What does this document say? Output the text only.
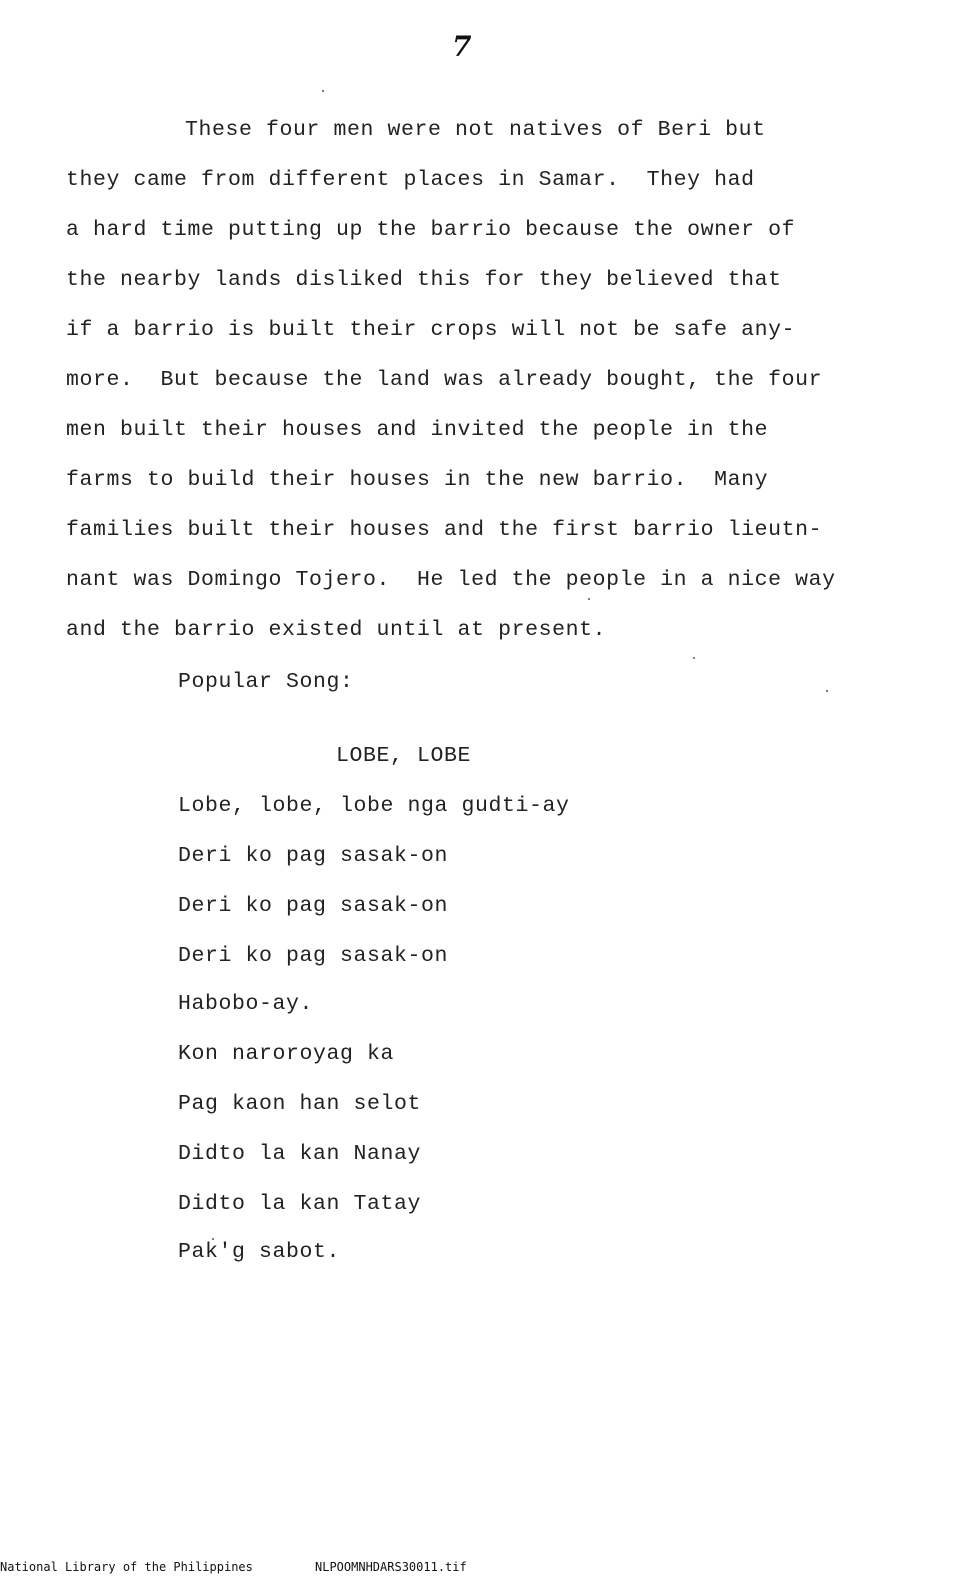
7
These four men were not natives of Beri but
they came from different places in Samar.  They had
a hard time putting up the barrio because the owner of
the nearby lands disliked this for they believed that
if a barrio is built their crops will not be safe any-
more.  But because the land was already bought, the four
men built their houses and invited the people in the
farms to build their houses in the new barrio.  Many
families built their houses and the first barrio lieutn-
nant was Domingo Tojero.  He led the people in a nice way
and the barrio existed until at present.
Popular Song:
LOBE, LOBE
Lobe, lobe, lobe nga gudti-ay
Deri ko pag sasak-on
Deri ko pag sasak-on
Deri ko pag sasak-on
Habobo-ay.
Kon naroroyag ka
Pag kaon han selot
Didto la kan Nanay
Didto la kan Tatay
Pak'g sabot.
National Library of the Philippines	NLPOOMNHDARS30011.tif
